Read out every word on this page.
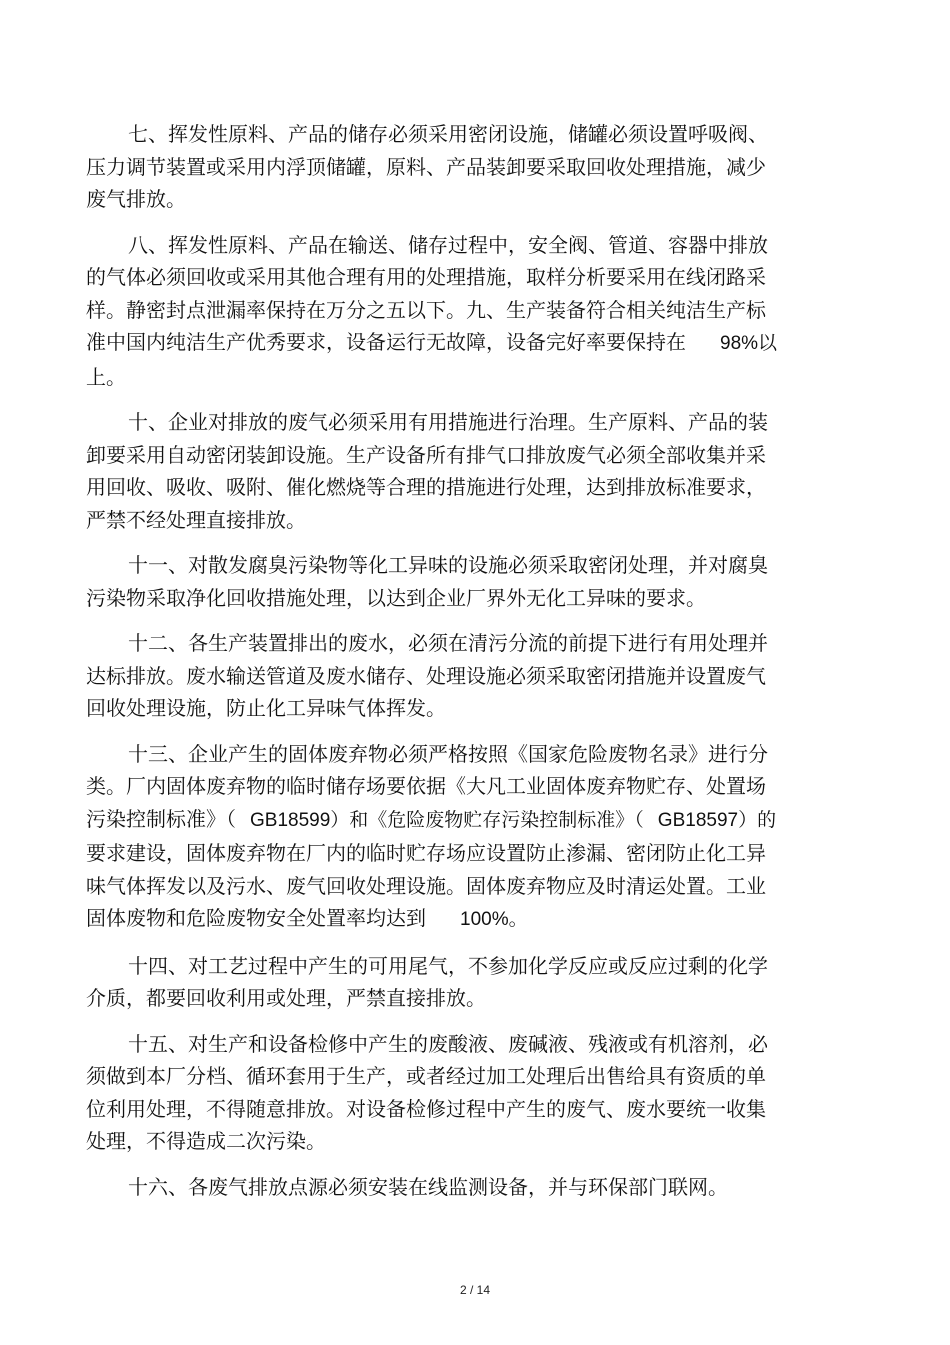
七、挥发性原料、产品的储存必须采用密闭设施，储罐必须设置呼吸阀、
压力调节装置或采用内浮顶储罐，原料、产品装卸要采取回收处理措施，减少
废气排放。

八、挥发性原料、产品在输送、储存过程中，安全阀、管道、容器中排放
的气体必须回收或采用其他合理有用的处理措施，取样分析要采用在线闭路采
样。静密封点泄漏率保持在万分之五以下。九、生产装备符合相关纯洁生产标
准中国内纯洁生产优秀要求，设备运行无故障，设备完好率要保持在 98%以
上。

十、企业对排放的废气必须采用有用措施进行治理。生产原料、产品的装
卸要采用自动密闭装卸设施。生产设备所有排气口排放废气必须全部收集并采
用回收、吸收、吸附、催化燃烧等合理的措施进行处理，达到排放标准要求，
严禁不经处理直接排放。

十一、对散发腐臭污染物等化工异味的设施必须采取密闭处理，并对腐臭
污染物采取净化回收措施处理，以达到企业厂界外无化工异味的要求。

十二、各生产装置排出的废水，必须在清污分流的前提下进行有用处理并
达标排放。废水输送管道及废水储存、处理设施必须采取密闭措施并设置废气
回收处理设施，防止化工异味气体挥发。

十三、企业产生的固体废弃物必须严格按照《国家危险废物名录》进行分
类。厂内固体废弃物的临时储存场要依据《大凡工业固体废弃物贮存、处置场
污染控制标准》（ GB18599）和《危险废物贮存污染控制标准》（ GB18597）的
要求建设，固体废弃物在厂内的临时贮存场应设置防止渗漏、密闭防止化工异
味气体挥发以及污水、废气回收处理设施。固体废弃物应及时清运处置。工业
固体废物和危险废物安全处置率均达到 100%。

十四、对工艺过程中产生的可用尾气，不参加化学反应或反应过剩的化学
介质，都要回收利用或处理，严禁直接排放。

十五、对生产和设备检修中产生的废酸液、废碱液、残液或有机溶剂，必
须做到本厂分档、循环套用于生产，或者经过加工处理后出售给具有资质的单
位利用处理，不得随意排放。对设备检修过程中产生的废气、废水要统一收集
处理，不得造成二次污染。

十六、各废气排放点源必须安装在线监测设备，并与环保部门联网。

2 / 14
